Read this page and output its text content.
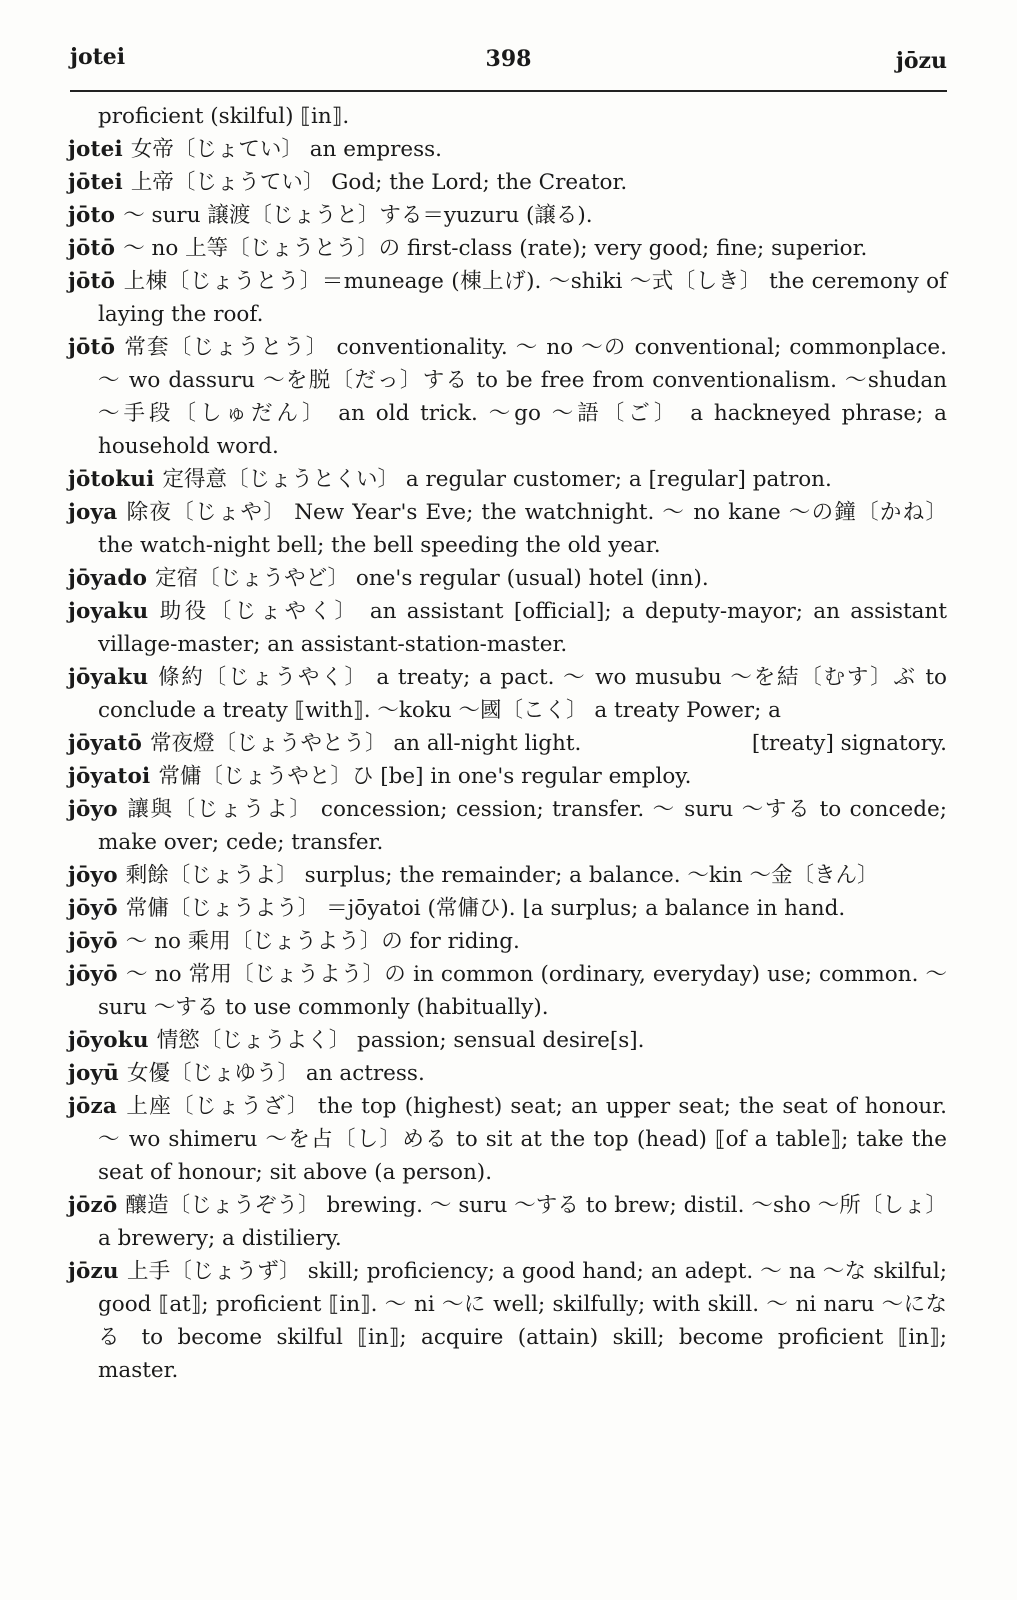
jotei	398	jōzu

proficient (skilful) ⟦in⟧.

jotei 女帝〔じょてい〕 an empress.

jōtei 上帝〔じょうてい〕 God; the Lord; the Creator.

jōto ～ suru 譲渡〔じょうと〕する＝yuzuru (譲る).

jōtō ～ no 上等〔じょうとう〕の first-class (rate); very good; fine; superior.

jōtō 上棟〔じょうとう〕＝muneage (棟上げ). ～shiki ～式〔しき〕 the ceremony of laying the roof.

jōtō 常套〔じょうとう〕 conventionality. ～ no ～の conventional; commonplace. ～ wo dassuru ～を脱〔だっ〕する to be free from conventionalism. ～shudan ～手段〔しゅだん〕 an old trick. ～go ～語〔ご〕 a hackneyed phrase; a household word.

jōtokui 定得意〔じょうとくい〕 a regular customer; a [regular] patron.

joya 除夜〔じょや〕 New Year's Eve; the watchnight. ～ no kane ～の鐘〔かね〕 the watch-night bell; the bell speeding the old year.

jōyado 定宿〔じょうやど〕 one's regular (usual) hotel (inn).

joyaku 助役〔じょやく〕 an assistant [official]; a deputy-mayor; an assistant village-master; an assistant-station-master.

jōyaku 條約〔じょうやく〕 a treaty; a pact. ～ wo musubu ～を結〔むす〕ぶ to conclude a treaty ⟦with⟧. ～koku ～國〔こく〕 a treaty Power; a

jōyatō 常夜燈〔じょうやとう〕 an all-night light.	[treaty] signatory.

jōyatoi 常傭〔じょうやと〕ひ [be] in one's regular employ.

jōyo 讓與〔じょうよ〕 concession; cession; transfer. ～ suru ～する to concede; make over; cede; transfer.

jōyo 剩餘〔じょうよ〕 surplus; the remainder; a balance. ～kin ～金〔きん〕

jōyō 常傭〔じょうよう〕 ＝jōyatoi (常傭ひ). ⌊a surplus; a balance in hand.

jōyō ～ no 乘用〔じょうよう〕の for riding.

jōyō ～ no 常用〔じょうよう〕の in common (ordinary, everyday) use; common. ～ suru ～する to use commonly (habitually).

jōyoku 情慾〔じょうよく〕 passion; sensual desire[s].

joyū 女優〔じょゆう〕 an actress.

jōza 上座〔じょうざ〕 the top (highest) seat; an upper seat; the seat of honour. ～ wo shimeru ～を占〔し〕める to sit at the top (head) ⟦of a table⟧; take the seat of honour; sit above (a person).

jōzō 釀造〔じょうぞう〕 brewing. ～ suru ～する to brew; distil. ～sho ～所〔しょ〕 a brewery; a distiliery.

jōzu 上手〔じょうず〕 skill; proficiency; a good hand; an adept. ～ na ～な skilful; good ⟦at⟧; proficient ⟦in⟧. ～ ni ～に well; skilfully; with skill. ～ ni naru ～になる to become skilful ⟦in⟧; acquire (attain) skill; become proficient ⟦in⟧; master.
